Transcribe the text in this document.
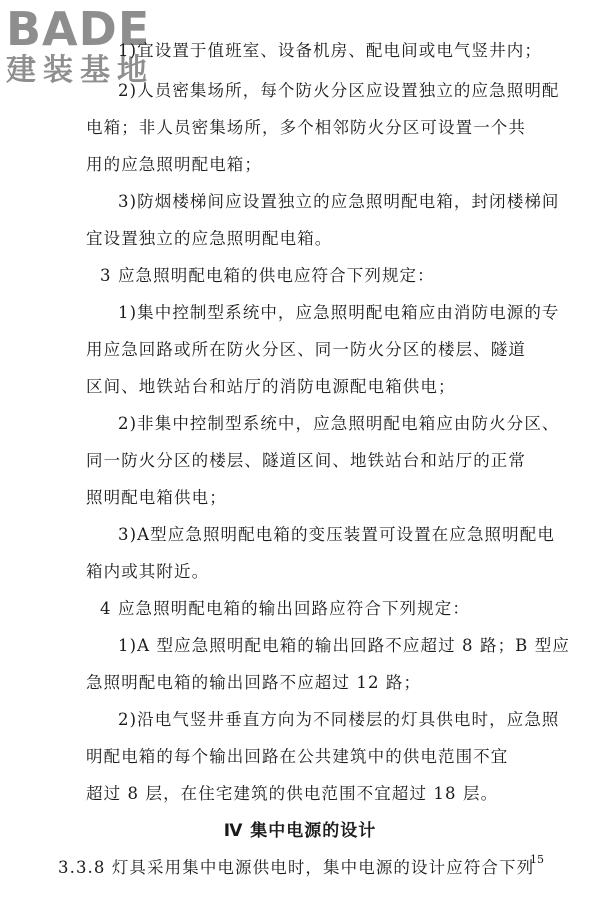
BADE
建装基地
1)宜设置于值班室、设备机房、配电间或电气竖井内；
2)人员密集场所，每个防火分区应设置独立的应急照明配
电箱；非人员密集场所，多个相邻防火分区可设置一个共
用的应急照明配电箱；
3)防烟楼梯间应设置独立的应急照明配电箱，封闭楼梯间
宜设置独立的应急照明配电箱。
3 应急照明配电箱的供电应符合下列规定：
1)集中控制型系统中，应急照明配电箱应由消防电源的专
用应急回路或所在防火分区、同一防火分区的楼层、隧道
区间、地铁站台和站厅的消防电源配电箱供电；
2)非集中控制型系统中，应急照明配电箱应由防火分区、
同一防火分区的楼层、隧道区间、地铁站台和站厅的正常
照明配电箱供电；
3)A型应急照明配电箱的变压装置可设置在应急照明配电
箱内或其附近。
4 应急照明配电箱的输出回路应符合下列规定：
1)A 型应急照明配电箱的输出回路不应超过 8 路；B 型应
急照明配电箱的输出回路不应超过 12 路；
2)沿电气竖井垂直方向为不同楼层的灯具供电时，应急照
明配电箱的每个输出回路在公共建筑中的供电范围不宜
超过 8 层，在住宅建筑的供电范围不宜超过 18 层。
Ⅳ 集中电源的设计
3.3.8 灯具采用集中电源供电时，集中电源的设计应符合下列
15
